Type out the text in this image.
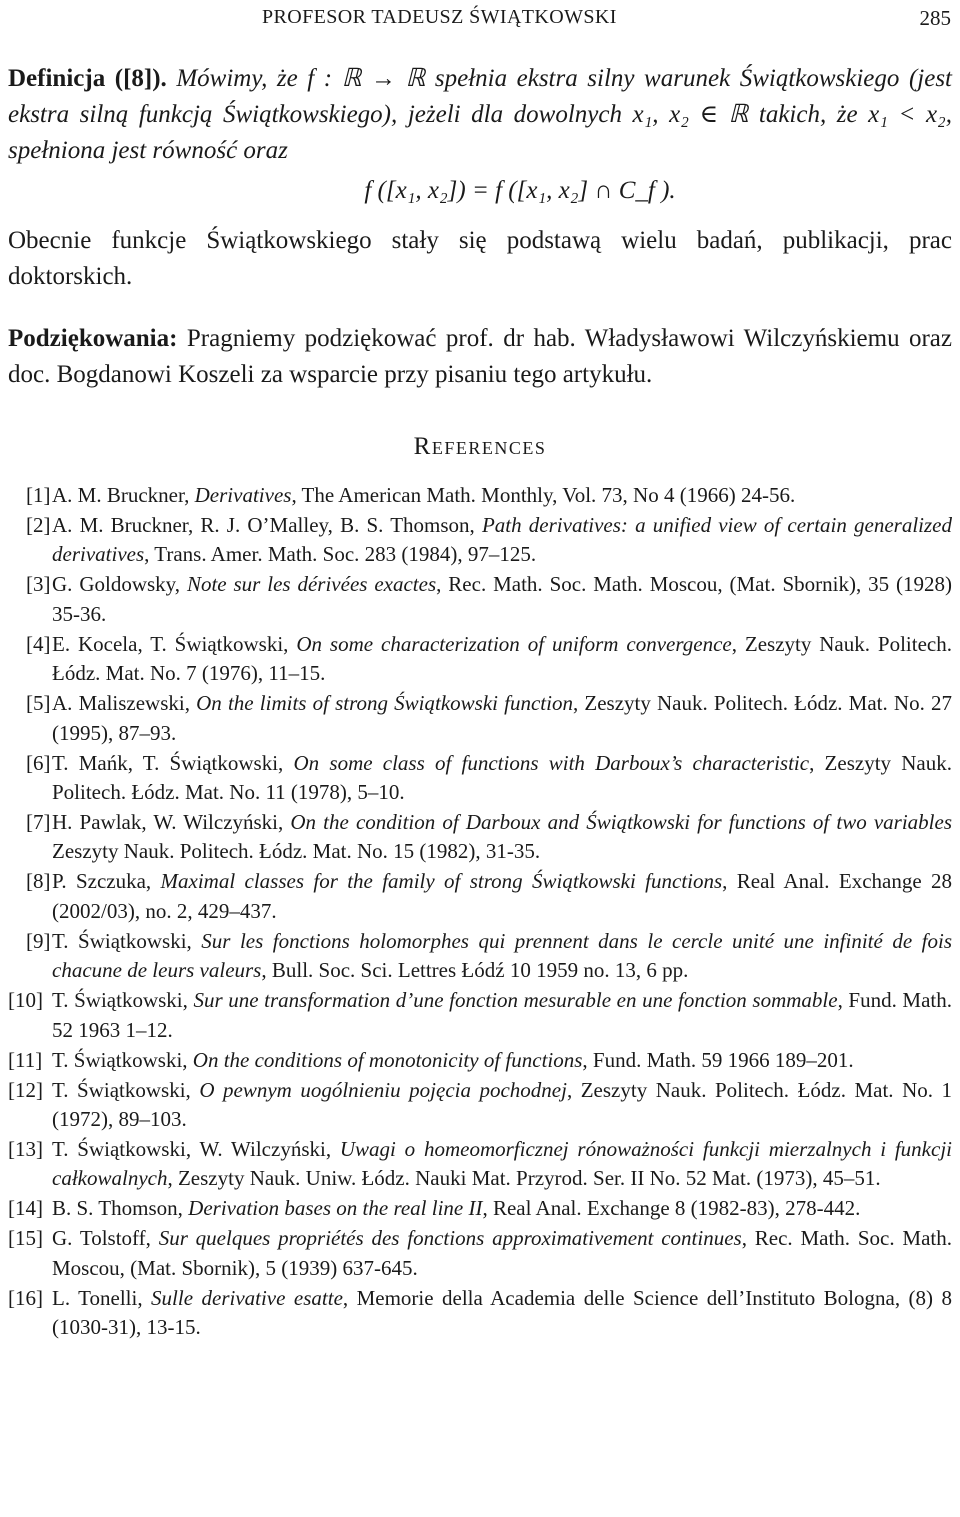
PROFESOR TADEUSZ ŚWIĄTKOWSKI	285

Definicja ([8]). Mówimy, że f : ℝ → ℝ spełnia ekstra silny warunek Świątkowskiego (jest ekstra silną funkcją Świątkowskiego), jeżeli dla dowolnych x₁, x₂ ∈ ℝ takich, że x₁ < x₂, spełniona jest równość oraz

f ([x₁, x₂]) = f ([x₁, x₂] ∩ C_f ).

Obecnie funkcje Świątkowskiego stały się podstawą wielu badań, publikacji, prac doktorskich.

Podziękowania: Pragniemy podziękować prof. dr hab. Władysławowi Wilczyńskiemu oraz doc. Bogdanowi Koszeli za wsparcie przy pisaniu tego artykułu.

References
[1] A. M. Bruckner, Derivatives, The American Math. Monthly, Vol. 73, No 4 (1966) 24-56.
[2] A. M. Bruckner, R. J. O’Malley, B. S. Thomson, Path derivatives: a unified view of certain generalized derivatives, Trans. Amer. Math. Soc. 283 (1984), 97–125.
[3] G. Goldowsky, Note sur les dérivées exactes, Rec. Math. Soc. Math. Moscou, (Mat. Sbornik), 35 (1928) 35-36.
[4] E. Kocela, T. Świątkowski, On some characterization of uniform convergence, Zeszyty Nauk. Politech. Łódz. Mat. No. 7 (1976), 11–15.
[5] A. Maliszewski, On the limits of strong Świątkowski function, Zeszyty Nauk. Politech. Łódz. Mat. No. 27 (1995), 87–93.
[6] T. Mańk, T. Świątkowski, On some class of functions with Darboux’s characteristic, Zeszyty Nauk. Politech. Łódz. Mat. No. 11 (1978), 5–10.
[7] H. Pawlak, W. Wilczyński, On the condition of Darboux and Świątkowski for functions of two variables Zeszyty Nauk. Politech. Łódz. Mat. No. 15 (1982), 31-35.
[8] P. Szczuka, Maximal classes for the family of strong Świątkowski functions, Real Anal. Exchange 28 (2002/03), no. 2, 429–437.
[9] T. Świątkowski, Sur les fonctions holomorphes qui prennent dans le cercle unité une infinité de fois chacune de leurs valeurs, Bull. Soc. Sci. Lettres Łódź 10 1959 no. 13, 6 pp.
[10] T. Świątkowski, Sur une transformation d’une fonction mesurable en une fonction sommable, Fund. Math. 52 1963 1–12.
[11] T. Świątkowski, On the conditions of monotonicity of functions, Fund. Math. 59 1966 189–201.
[12] T. Świątkowski, O pewnym uogólnieniu pojęcia pochodnej, Zeszyty Nauk. Politech. Łódz. Mat. No. 1 (1972), 89–103.
[13] T. Świątkowski, W. Wilczyński, Uwagi o homeomorficznej rónoważności funkcji mierzalnych i funkcji całkowalnych, Zeszyty Nauk. Uniw. Łódz. Nauki Mat. Przyrod. Ser. II No. 52 Mat. (1973), 45–51.
[14] B. S. Thomson, Derivation bases on the real line II, Real Anal. Exchange 8 (1982-83), 278-442.
[15] G. Tolstoff, Sur quelques propriétés des fonctions approximativement continues, Rec. Math. Soc. Math. Moscou, (Mat. Sbornik), 5 (1939) 637-645.
[16] L. Tonelli, Sulle derivative esatte, Memorie della Academia delle Science dell’Instituto Bologna, (8) 8 (1030-31), 13-15.
